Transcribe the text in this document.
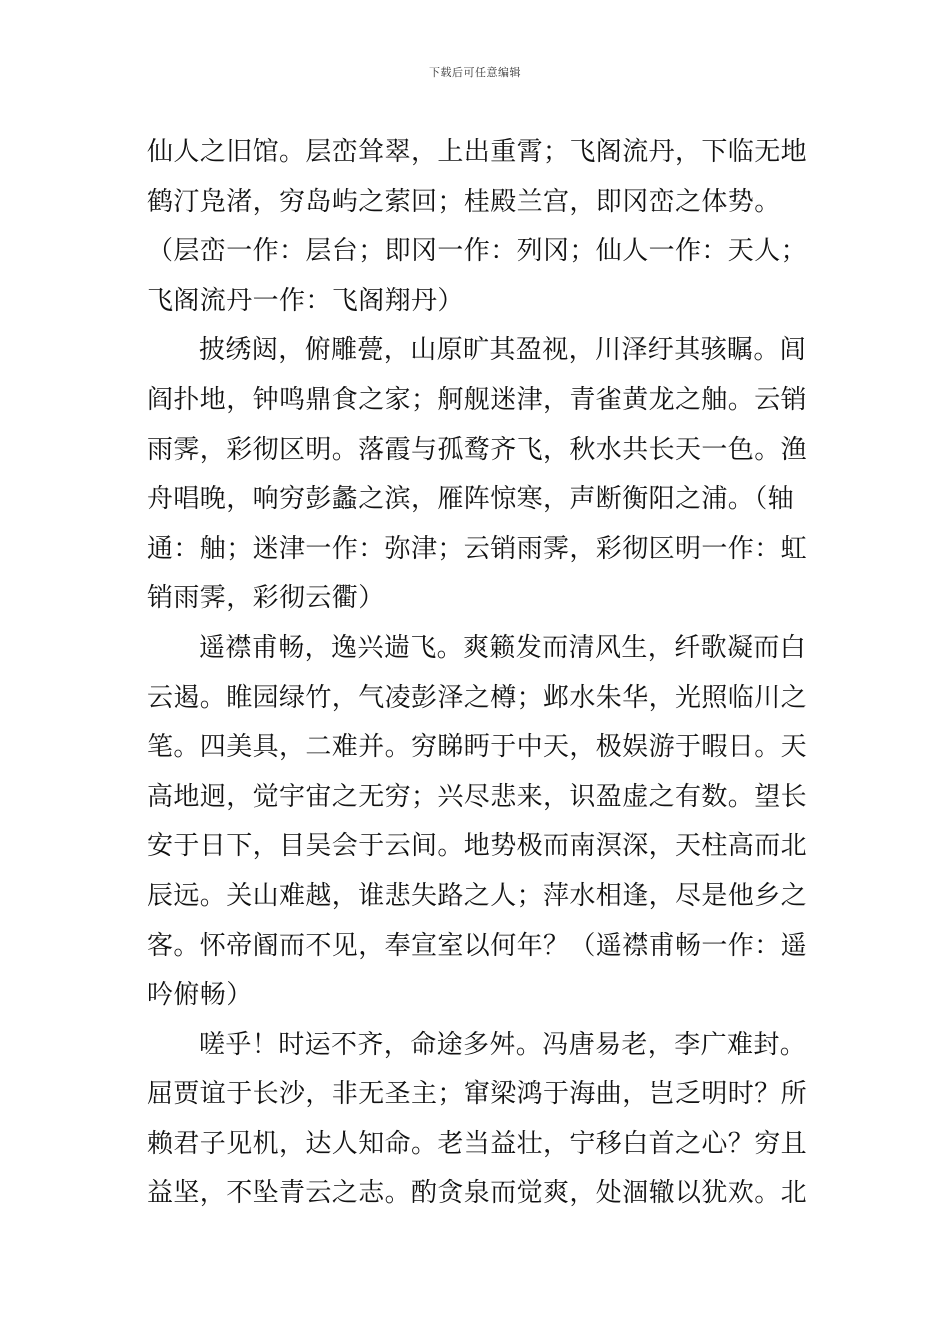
下载后可任意编辑
仙人之旧馆。层峦耸翠，上出重霄；飞阁流丹，下临无地
鹤汀凫渚，穷岛屿之萦回；桂殿兰宫，即冈峦之体势。
（层峦一作：层台；即冈一作：列冈；仙人一作：天人；
飞阁流丹一作：飞阁翔丹）
披绣闼，俯雕甍，山原旷其盈视，川泽纡其骇瞩。闾
阎扑地，钟鸣鼎食之家；舸舰迷津，青雀黄龙之舳。云销
雨霁，彩彻区明。落霞与孤鹜齐飞，秋水共长天一色。渔
舟唱晚，响穷彭蠡之滨，雁阵惊寒，声断衡阳之浦。（轴
通：舳；迷津一作：弥津；云销雨霁，彩彻区明一作：虹
销雨霁，彩彻云衢）
遥襟甫畅，逸兴遄飞。爽籁发而清风生，纤歌凝而白
云遏。睢园绿竹，气凌彭泽之樽；邺水朱华，光照临川之
笔。四美具，二难并。穷睇眄于中天，极娱游于暇日。天
高地迥，觉宇宙之无穷；兴尽悲来，识盈虚之有数。望长
安于日下，目吴会于云间。地势极而南溟深，天柱高而北
辰远。关山难越，谁悲失路之人；萍水相逢，尽是他乡之
客。怀帝阍而不见，奉宣室以何年？（遥襟甫畅一作：遥
吟俯畅）
嗟乎！时运不齐，命途多舛。冯唐易老，李广难封。
屈贾谊于长沙，非无圣主；窜梁鸿于海曲，岂乏明时？所
赖君子见机，达人知命。老当益壮，宁移白首之心？穷且
益坚，不坠青云之志。酌贪泉而觉爽，处涸辙以犹欢。北
